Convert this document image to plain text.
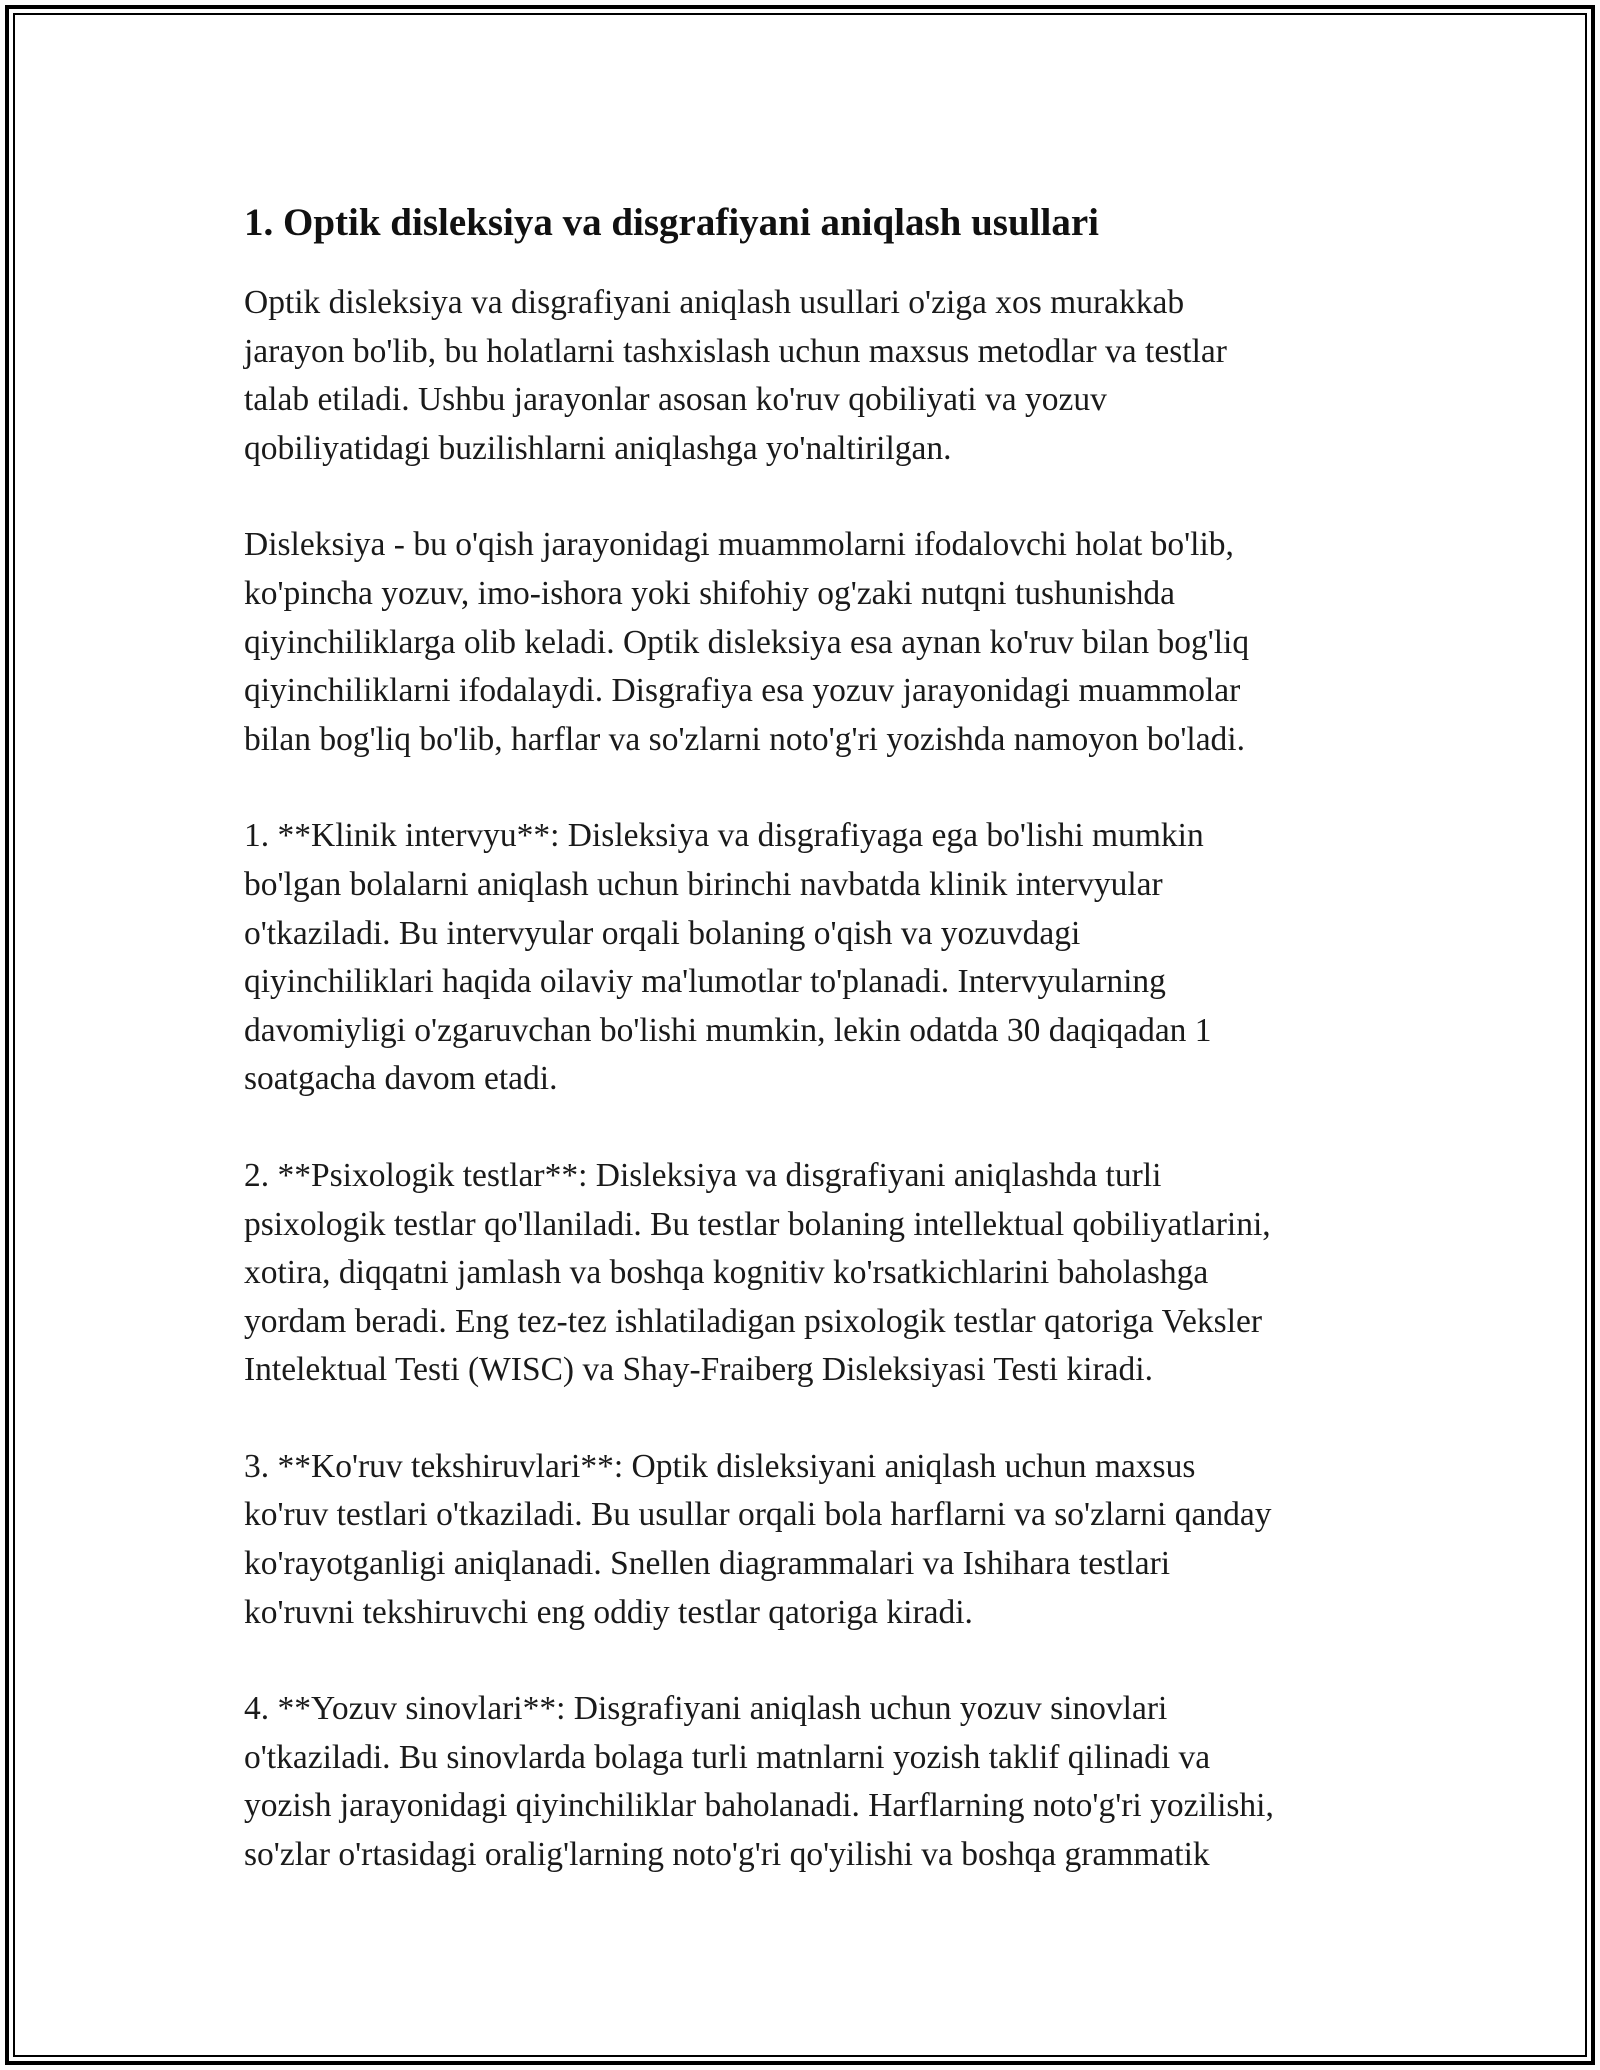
1. Optik disleksiya va disgrafiyani aniqlash usullari

Optik disleksiya va disgrafiyani aniqlash usullari o'ziga xos murakkab
jarayon bo'lib, bu holatlarni tashxislash uchun maxsus metodlar va testlar
talab etiladi. Ushbu jarayonlar asosan ko'ruv qobiliyati va yozuv
qobiliyatidagi buzilishlarni aniqlashga yo'naltirilgan.

Disleksiya - bu o'qish jarayonidagi muammolarni ifodalovchi holat bo'lib,
ko'pincha yozuv, imo-ishora yoki shifohiy og'zaki nutqni tushunishda
qiyinchiliklarga olib keladi. Optik disleksiya esa aynan ko'ruv bilan bog'liq
qiyinchiliklarni ifodalaydi. Disgrafiya esa yozuv jarayonidagi muammolar
bilan bog'liq bo'lib, harflar va so'zlarni noto'g'ri yozishda namoyon bo'ladi.

1. **Klinik intervyu**: Disleksiya va disgrafiyaga ega bo'lishi mumkin
bo'lgan bolalarni aniqlash uchun birinchi navbatda klinik intervyular
o'tkaziladi. Bu intervyular orqali bolaning o'qish va yozuvdagi
qiyinchiliklari haqida oilaviy ma'lumotlar to'planadi. Intervyularning
davomiyligi o'zgaruvchan bo'lishi mumkin, lekin odatda 30 daqiqadan 1
soatgacha davom etadi.

2. **Psixologik testlar**: Disleksiya va disgrafiyani aniqlashda turli
psixologik testlar qo'llaniladi. Bu testlar bolaning intellektual qobiliyatlarini,
xotira, diqqatni jamlash va boshqa kognitiv ko'rsatkichlarini baholashga
yordam beradi. Eng tez-tez ishlatiladigan psixologik testlar qatoriga Veksler
Intelektual Testi (WISC) va Shay-Fraiberg Disleksiyasi Testi kiradi.

3. **Ko'ruv tekshiruvlari**: Optik disleksiyani aniqlash uchun maxsus
ko'ruv testlari o'tkaziladi. Bu usullar orqali bola harflarni va so'zlarni qanday
ko'rayotganligi aniqlanadi. Snellen diagrammalari va Ishihara testlari
ko'ruvni tekshiruvchi eng oddiy testlar qatoriga kiradi.

4. **Yozuv sinovlari**: Disgrafiyani aniqlash uchun yozuv sinovlari
o'tkaziladi. Bu sinovlarda bolaga turli matnlarni yozish taklif qilinadi va
yozish jarayonidagi qiyinchiliklar baholanadi. Harflarning noto'g'ri yozilishi,
so'zlar o'rtasidagi oralig'larning noto'g'ri qo'yilishi va boshqa grammatik
